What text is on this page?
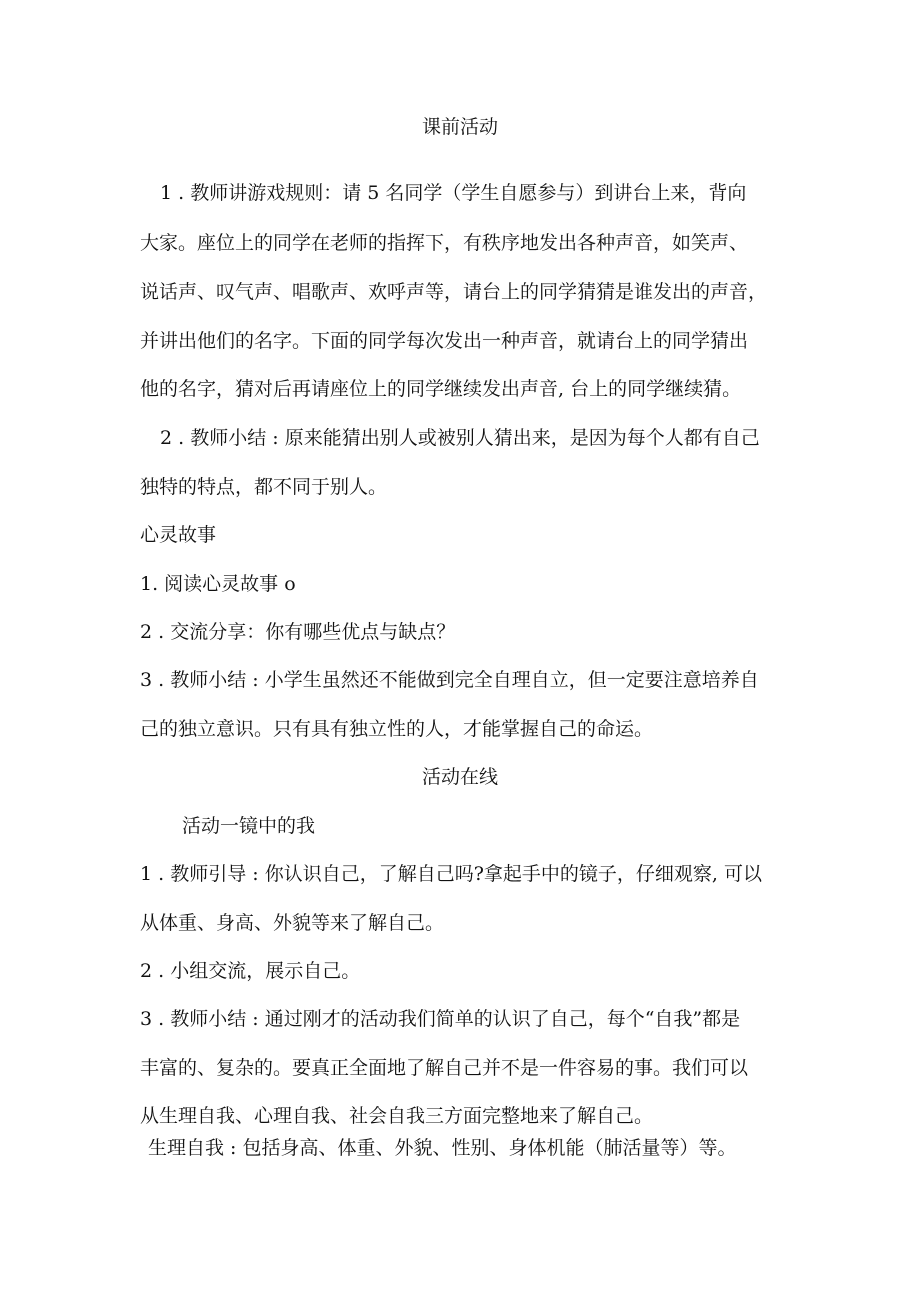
课前活动
1 . 教师讲游戏规则：请 5 名同学（学生自愿参与）到讲台上来，背向
大家。座位上的同学在老师的指挥下，有秩序地发出各种声音，如笑声、
说话声、叹气声、唱歌声、欢呼声等，请台上的同学猜猜是谁发出的声音，
并讲出他们的名字。下面的同学每次发出一种声音，就请台上的同学猜出
他的名字，猜对后再请座位上的同学继续发出声音, 台上的同学继续猜。
2 . 教师小结 : 原来能猜出别人或被别人猜出来，是因为每个人都有自己
独特的特点，都不同于别人。
心灵故事
1. 阅读心灵故事 o
2 . 交流分享：你有哪些优点与缺点？
3 . 教师小结 : 小学生虽然还不能做到完全自理自立，但一定要注意培养自
己的独立意识。只有具有独立性的人，才能掌握自己的命运。
活动在线
活动一镜中的我
1 . 教师引导 : 你认识自己，了解自己吗?拿起手中的镜子，仔细观察, 可以
从体重、身高、外貌等来了解自己。
2 . 小组交流，展示自己。
3 . 教师小结 : 通过刚才的活动我们简单的认识了自己，每个“自我”都是
丰富的、复杂的。要真正全面地了解自己并不是一件容易的事。我们可以
从生理自我、心理自我、社会自我三方面完整地来了解自己。
生理自我 : 包括身高、体重、外貌、性别、身体机能（肺活量等）等。
